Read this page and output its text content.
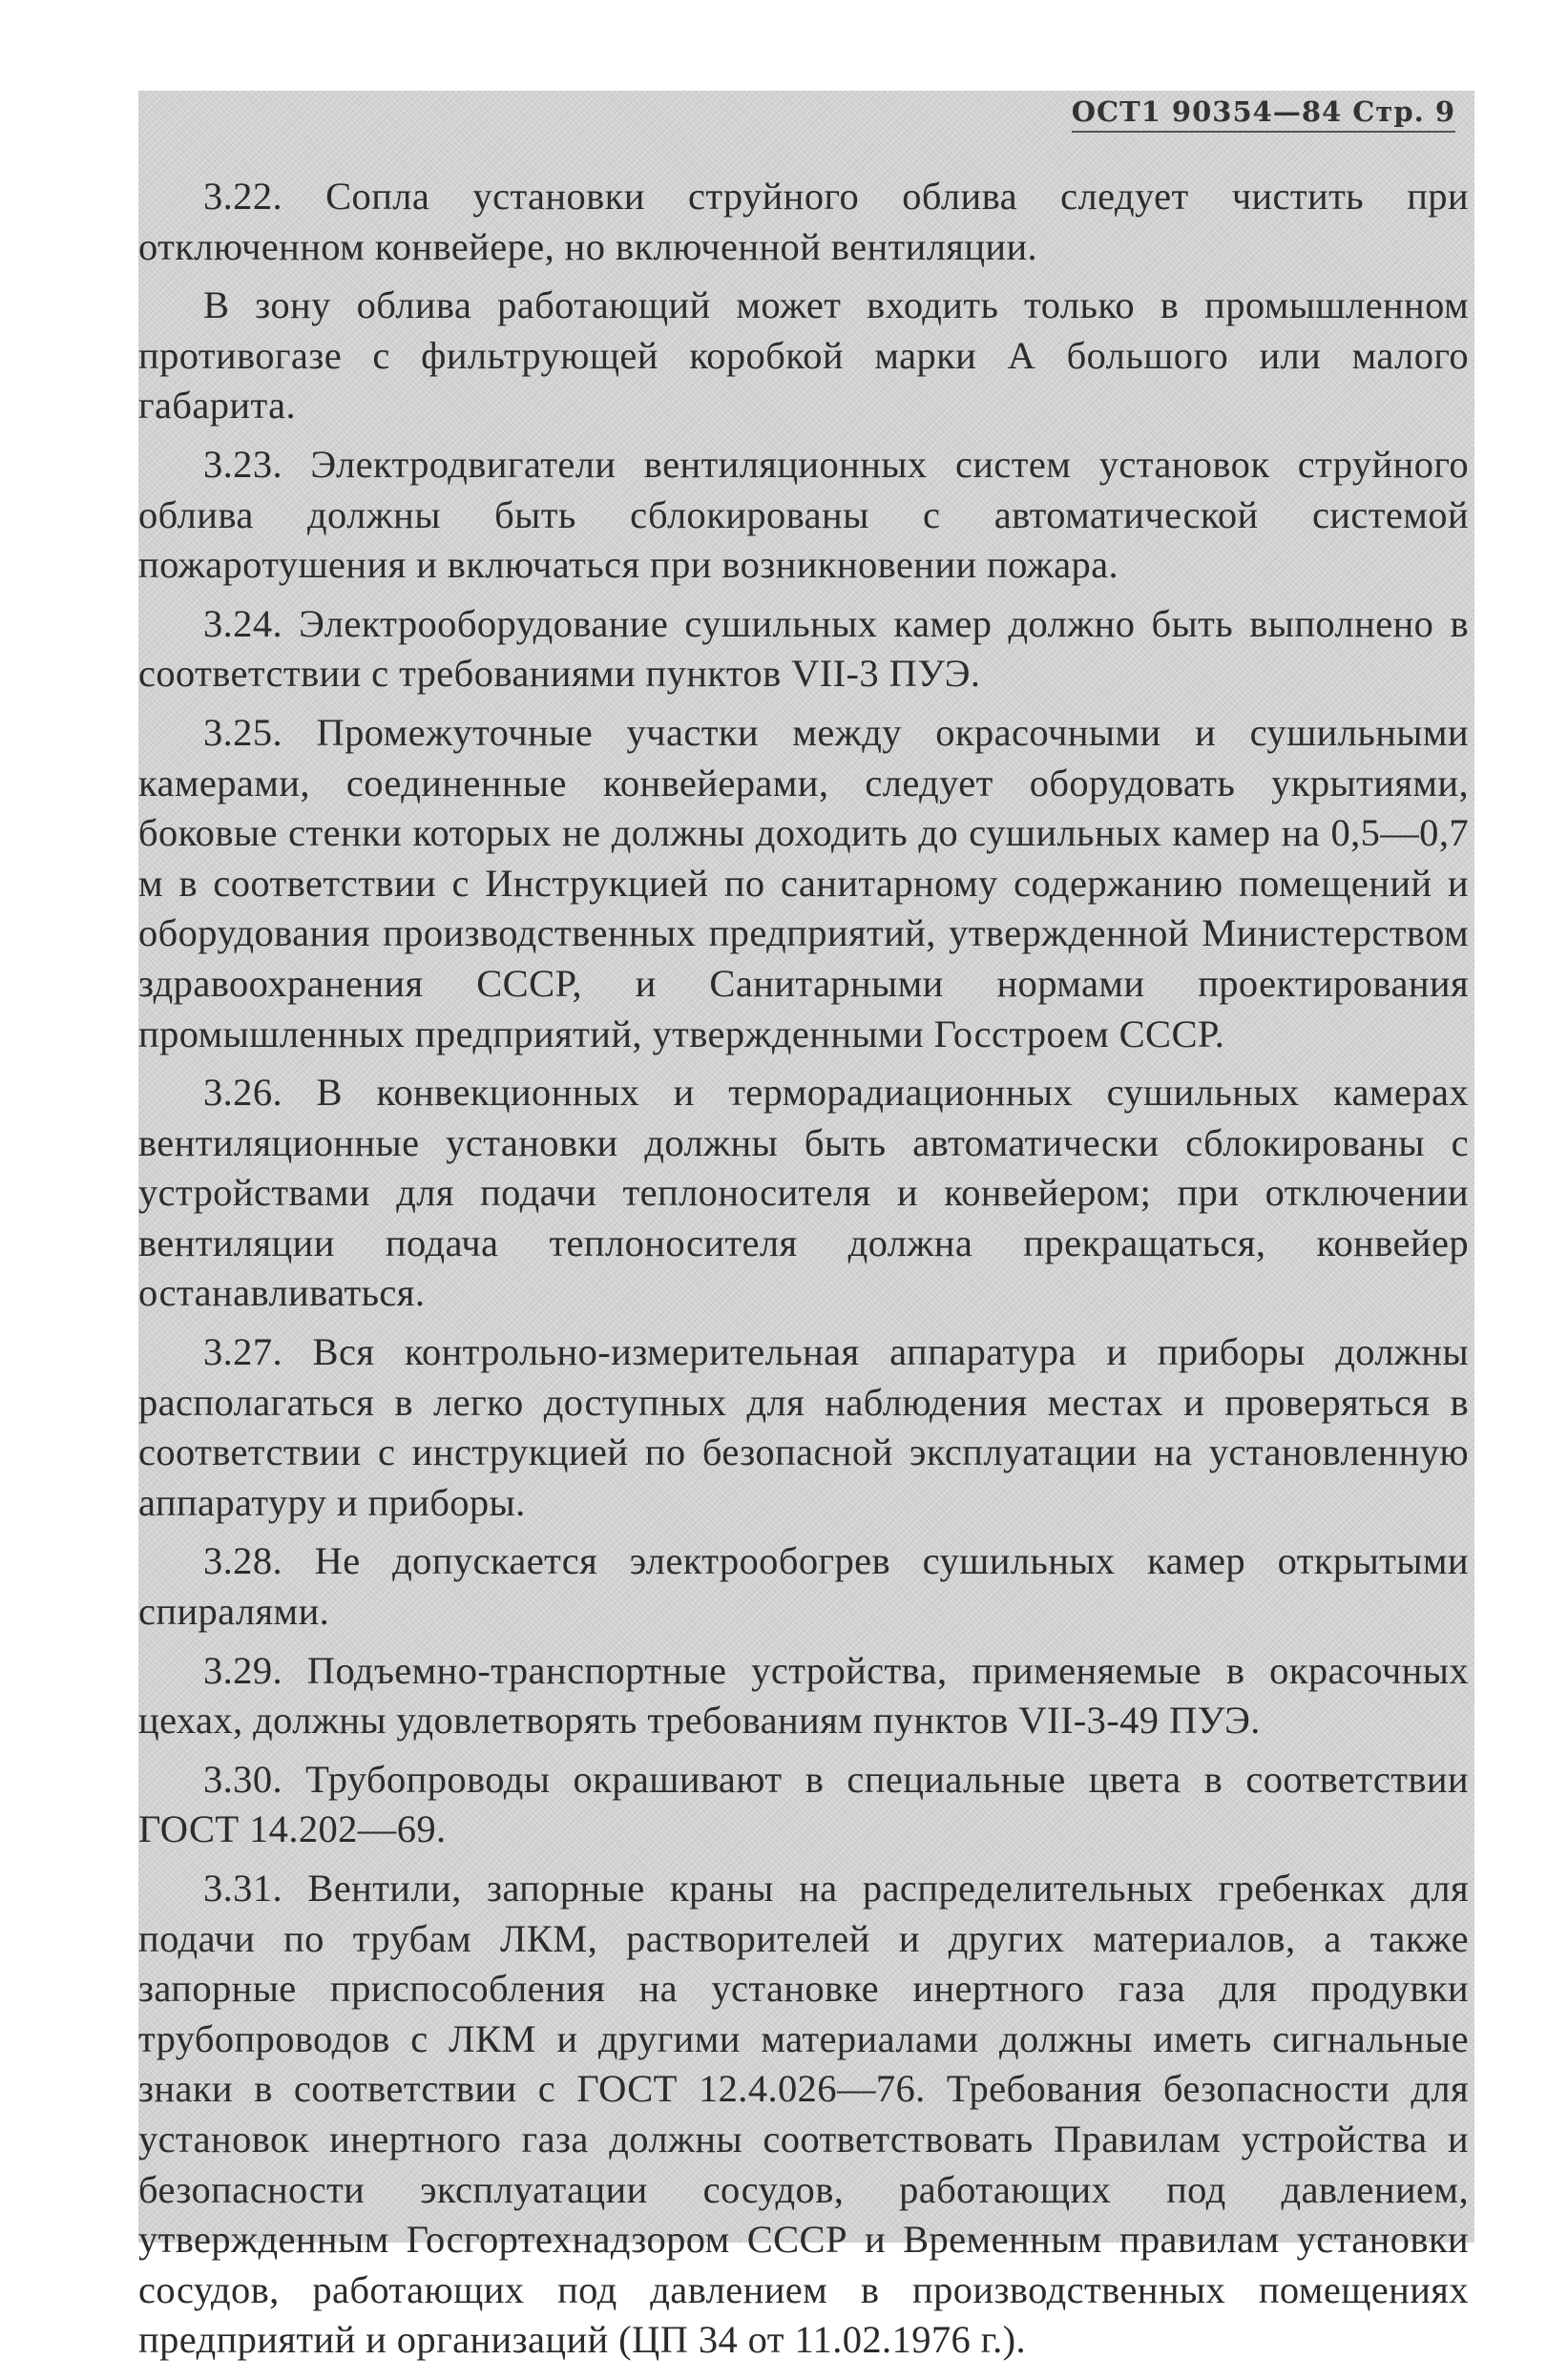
ОСТ1 90354—84 Стр. 9

3.22. Сопла установки струйного облива следует чистить при отключенном конвейере, но включенной вентиляции.

В зону облива работающий может входить только в промышленном противогазе с фильтрующей коробкой марки А большого или малого габарита.

3.23. Электродвигатели вентиляционных систем установок струйного облива должны быть сблокированы с автоматической системой пожаротушения и включаться при возникновении пожара.

3.24. Электрооборудование сушильных камер должно быть выполнено в соответствии с требованиями пунктов VII-3 ПУЭ.

3.25. Промежуточные участки между окрасочными и сушильными камерами, соединенные конвейерами, следует оборудовать укрытиями, боковые стенки которых не должны доходить до сушильных камер на 0,5—0,7 м в соответствии с Инструкцией по санитарному содержанию помещений и оборудования производственных предприятий, утвержденной Министерством здравоохранения СССР, и Санитарными нормами проектирования промышленных предприятий, утвержденными Госстроем СССР.

3.26. В конвекционных и терморадиационных сушильных камерах вентиляционные установки должны быть автоматически сблокированы с устройствами для подачи теплоносителя и конвейером; при отключении вентиляции подача теплоносителя должна прекращаться, конвейер останавливаться.

3.27. Вся контрольно-измерительная аппаратура и приборы должны располагаться в легко доступных для наблюдения местах и проверяться в соответствии с инструкцией по безопасной эксплуатации на установленную аппаратуру и приборы.

3.28. Не допускается электрообогрев сушильных камер открытыми спиралями.

3.29. Подъемно-транспортные устройства, применяемые в окрасочных цехах, должны удовлетворять требованиям пунктов VII-3-49 ПУЭ.

3.30. Трубопроводы окрашивают в специальные цвета в соответствии ГОСТ 14.202—69.

3.31. Вентили, запорные краны на распределительных гребенках для подачи по трубам ЛКМ, растворителей и других материалов, а также запорные приспособления на установке инертного газа для продувки трубопроводов с ЛКМ и другими материалами должны иметь сигнальные знаки в соответствии с ГОСТ 12.4.026—76. Требования безопасности для установок инертного газа должны соответствовать Правилам устройства и безопасности эксплуатации сосудов, работающих под давлением, утвержденным Госгортехнадзором СССР и Временным правилам установки сосудов, работающих под давлением в производственных помещениях предприятий и организаций (ЦП 34 от 11.02.1976 г.).
